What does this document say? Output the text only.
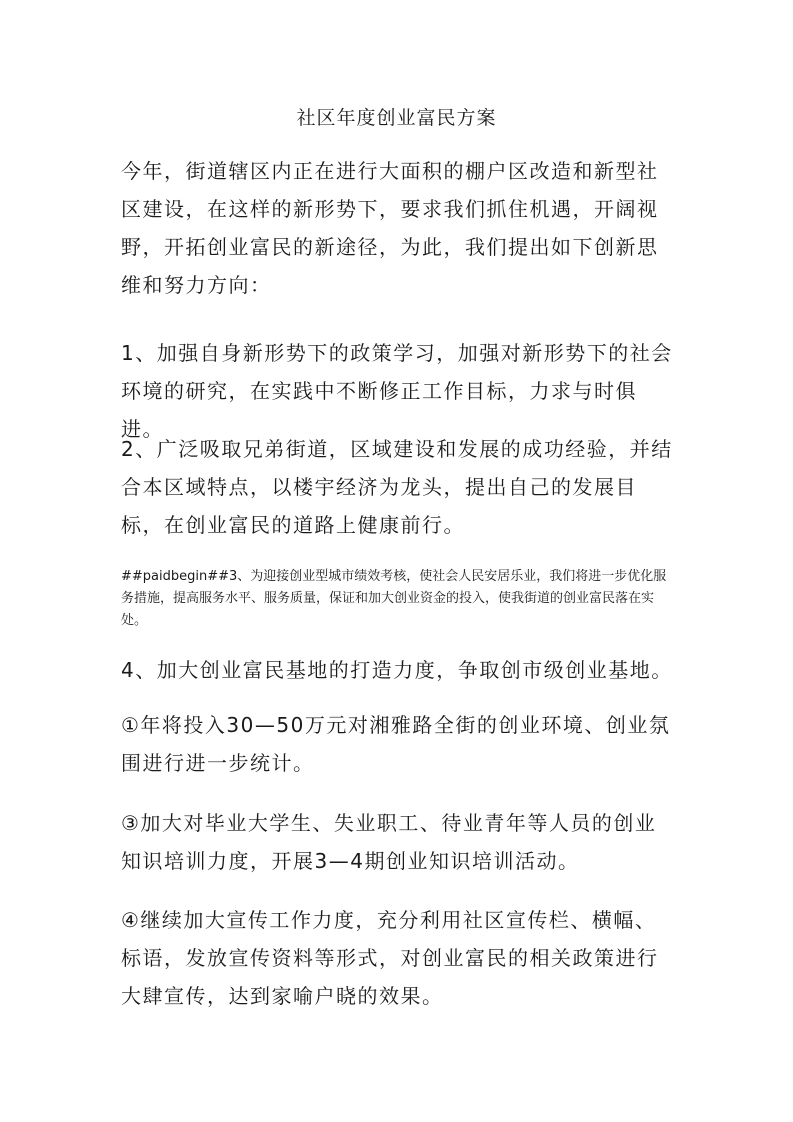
社区年度创业富民方案

今年，街道辖区内正在进行大面积的棚户区改造和新型社区建设，在这样的新形势下，要求我们抓住机遇，开阔视野，开拓创业富民的新途径，为此，我们提出如下创新思维和努力方向：

1、加强自身新形势下的政策学习，加强对新形势下的社会环境的研究，在实践中不断修正工作目标，力求与时俱进。

2、广泛吸取兄弟街道，区域建设和发展的成功经验，并结合本区域特点，以楼宇经济为龙头，提出自己的发展目标，在创业富民的道路上健康前行。

##paidbegin##3、为迎接创业型城市绩效考核，使社会人民安居乐业，我们将进一步优化服务措施，提高服务水平、服务质量，保证和加大创业资金的投入，使我街道的创业富民落在实处。

4、加大创业富民基地的打造力度，争取创市级创业基地。

①年将投入30—50万元对湘雅路全街的创业环境、创业氛围进行进一步统计。

③加大对毕业大学生、失业职工、待业青年等人员的创业知识培训力度，开展3—4期创业知识培训活动。

④继续加大宣传工作力度，充分利用社区宣传栏、横幅、标语，发放宣传资料等形式，对创业富民的相关政策进行大肆宣传，达到家喻户晓的效果。
